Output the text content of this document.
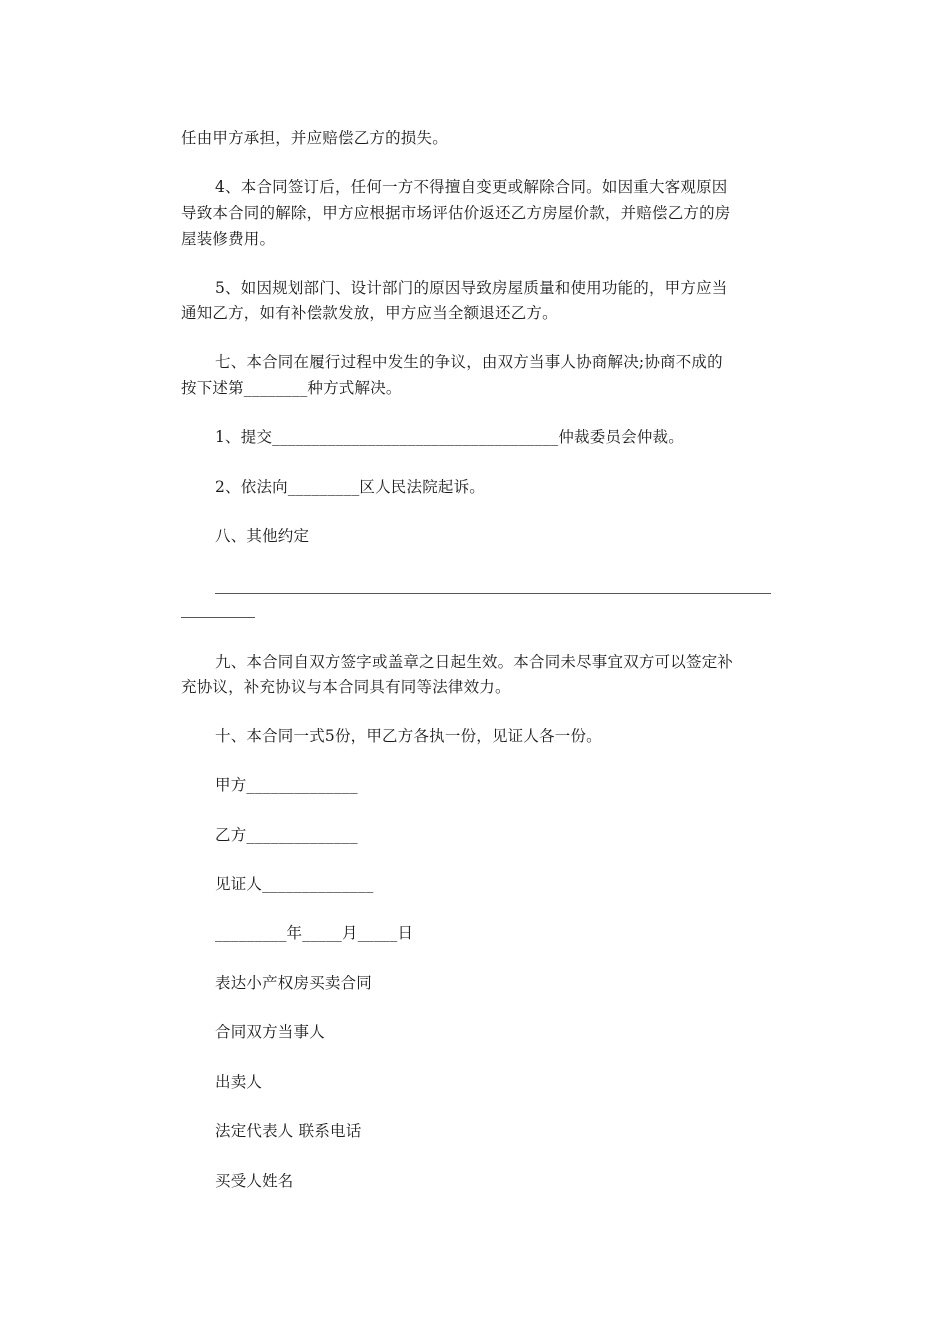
任由甲方承担，并应赔偿乙方的损失。
4、本合同签订后，任何一方不得擅自变更或解除合同。如因重大客观原因
导致本合同的解除，甲方应根据市场评估价返还乙方房屋价款，并赔偿乙方的房
屋装修费用。
5、如因规划部门、设计部门的原因导致房屋质量和使用功能的，甲方应当
通知乙方，如有补偿款发放，甲方应当全额退还乙方。
七、本合同在履行过程中发生的争议，由双方当事人协商解决;协商不成的
按下述第________种方式解决。
1、提交____________________________________仲裁委员会仲裁。
2、依法向_________区人民法院起诉。
八、其他约定
九、本合同自双方签字或盖章之日起生效。本合同未尽事宜双方可以签定补
充协议，补充协议与本合同具有同等法律效力。
十、本合同一式5份，甲乙方各执一份，见证人各一份。
甲方______________
乙方______________
见证人______________
_________年_____月_____日
表达小产权房买卖合同
合同双方当事人
出卖人
法定代表人 联系电话
买受人姓名
